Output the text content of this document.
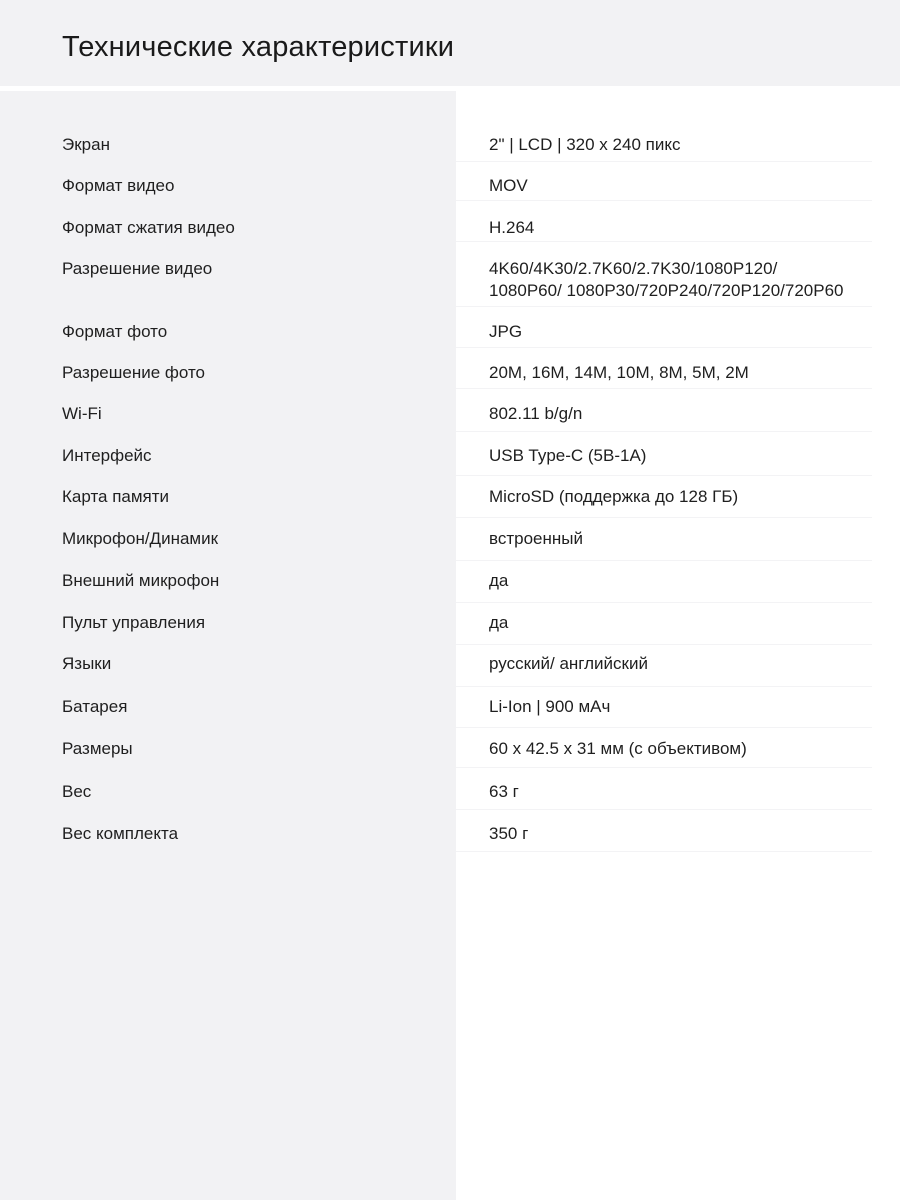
Технические характеристики
Экран	2" | LCD | 320 x 240 пикс
Формат видео	MOV
Формат сжатия видео	H.264
Разрешение видео	4K60/4K30/2.7K60/2.7K30/1080P120/
1080P60/ 1080P30/720P240/720P120/720P60
Формат фото	JPG
Разрешение фото	20M, 16M, 14M, 10M, 8M, 5M, 2M
Wi-Fi	802.11 b/g/n
Интерфейс	USB Type-C (5В-1А)
Карта памяти	MicroSD (поддержка до 128 ГБ)
Микрофон/Динамик	встроенный
Внешний микрофон	да
Пульт управления	да
Языки	русский/ английский
Батарея	Li-Ion | 900 мАч
Размеры	60 x 42.5 x 31 мм (с объективом)
Вес	63 г
Вес комплекта	350 г
